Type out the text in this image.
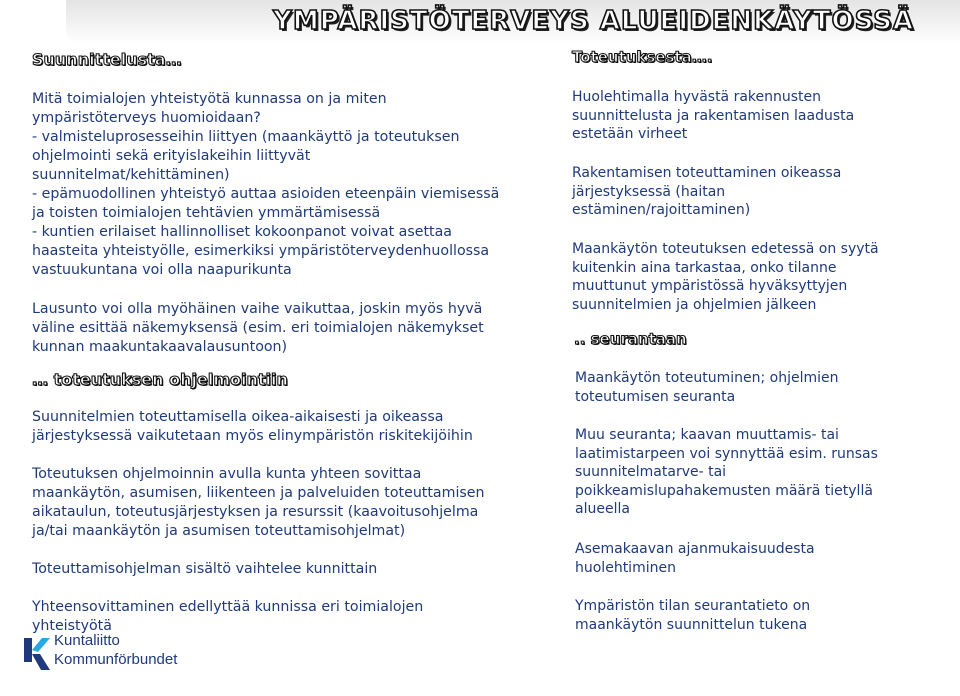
YMPÄRISTÖTERVEYS ALUEIDENKÄYTÖSSÄ
Suunnittelusta…

Mitä toimialojen yhteistyötä kunnassa on ja miten
ympäristöterveys huomioidaan?
- valmisteluprosesseihin liittyen (maankäyttö ja toteutuksen
ohjelmointi sekä erityislakeihin liittyvät
suunnitelmat/kehittäminen)
- epämuodollinen yhteistyö auttaa asioiden eteenpäin viemisessä
ja toisten toimialojen tehtävien ymmärtämisessä
- kuntien erilaiset hallinnolliset kokoonpanot voivat asettaa
haasteita yhteistyölle, esimerkiksi ympäristöterveydenhuollossa
vastuukuntana voi olla naapurikunta

Lausunto voi olla myöhäinen vaihe vaikuttaa, joskin myös hyvä
väline esittää näkemyksensä (esim. eri toimialojen näkemykset
kunnan maakuntakaavalausuntoon)

… toteutuksen ohjelmointiin

Suunnitelmien toteuttamisella oikea-aikaisesti ja oikeassa
järjestyksessä vaikutetaan myös elinympäristön riskitekijöihin

Toteutuksen ohjelmoinnin avulla kunta yhteen sovittaa
maankäytön, asumisen, liikenteen ja palveluiden toteuttamisen
aikataulun, toteutusjärjestyksen ja resurssit (kaavoitusohjelma
ja/tai maankäytön ja asumisen toteuttamisohjelmat)

Toteuttamisohjelman sisältö vaihtelee kunnittain

Yhteensovittaminen edellyttää kunnissa eri toimialojen
yhteistyötä

Toteutuksesta….

Huolehtimalla hyvästä rakennusten
suunnittelusta ja rakentamisen laadusta
estetään virheet

Rakentamisen toteuttaminen oikeassa
järjestyksessä (haitan
estäminen/rajoittaminen)

Maankäytön toteutuksen edetessä on syytä
kuitenkin aina tarkastaa, onko tilanne
muuttunut ympäristössä hyväksyttyjen
suunnitelmien ja ohjelmien jälkeen

.. seurantaan

Maankäytön toteutuminen; ohjelmien
toteutumisen seuranta

Muu seuranta; kaavan muuttamis- tai
laatimistarpeen voi synnyttää esim. runsas
suunnitelmatarve- tai
poikkeamislupahakemusten määrä tietyllä
alueella

Asemakaavan ajanmukaisuudesta
huolehtiminen

Ympäristön tilan seurantatieto on
maankäytön suunnittelun tukena

Kuntaliitto

Kommunförbundet
